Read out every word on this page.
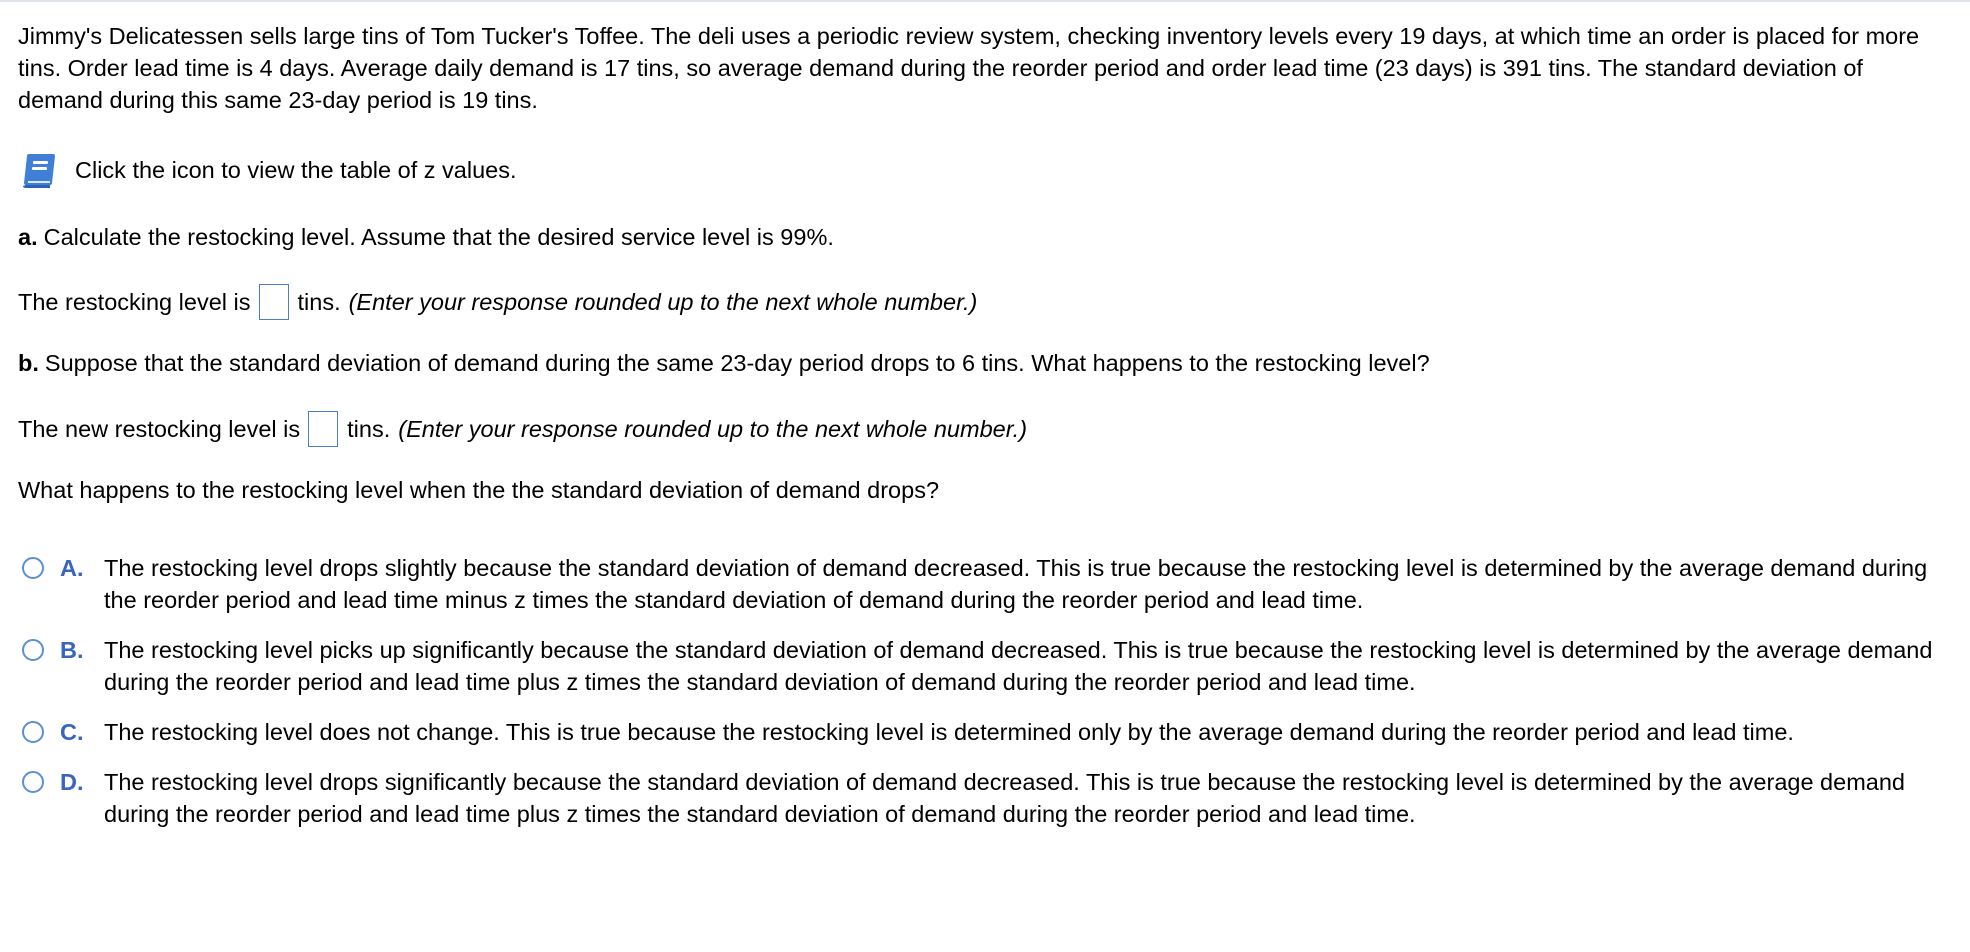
Jimmy's Delicatessen sells large tins of Tom Tucker's Toffee. The deli uses a periodic review system, checking inventory levels every 19 days, at which time an order is placed for more tins. Order lead time is 4 days. Average daily demand is 17 tins, so average demand during the reorder period and order lead time (23 days) is 391 tins. The standard deviation of demand during this same 23-day period is 19 tins.

Click the icon to view the table of z values.
a. Calculate the restocking level. Assume that the desired service level is 99%.
The restocking level is tins. (Enter your response rounded up to the next whole number.)
b. Suppose that the standard deviation of demand during the same 23-day period drops to 6 tins. What happens to the restocking level?
The new restocking level is tins. (Enter your response rounded up to the next whole number.)
What happens to the restocking level when the the standard deviation of demand drops?
A. The restocking level drops slightly because the standard deviation of demand decreased. This is true because the restocking level is determined by the average demand during the reorder period and lead time minus z times the standard deviation of demand during the reorder period and lead time.
B. The restocking level picks up significantly because the standard deviation of demand decreased. This is true because the restocking level is determined by the average demand during the reorder period and lead time plus z times the standard deviation of demand during the reorder period and lead time.
C. The restocking level does not change. This is true because the restocking level is determined only by the average demand during the reorder period and lead time.
D. The restocking level drops significantly because the standard deviation of demand decreased. This is true because the restocking level is determined by the average demand during the reorder period and lead time plus z times the standard deviation of demand during the reorder period and lead time.
